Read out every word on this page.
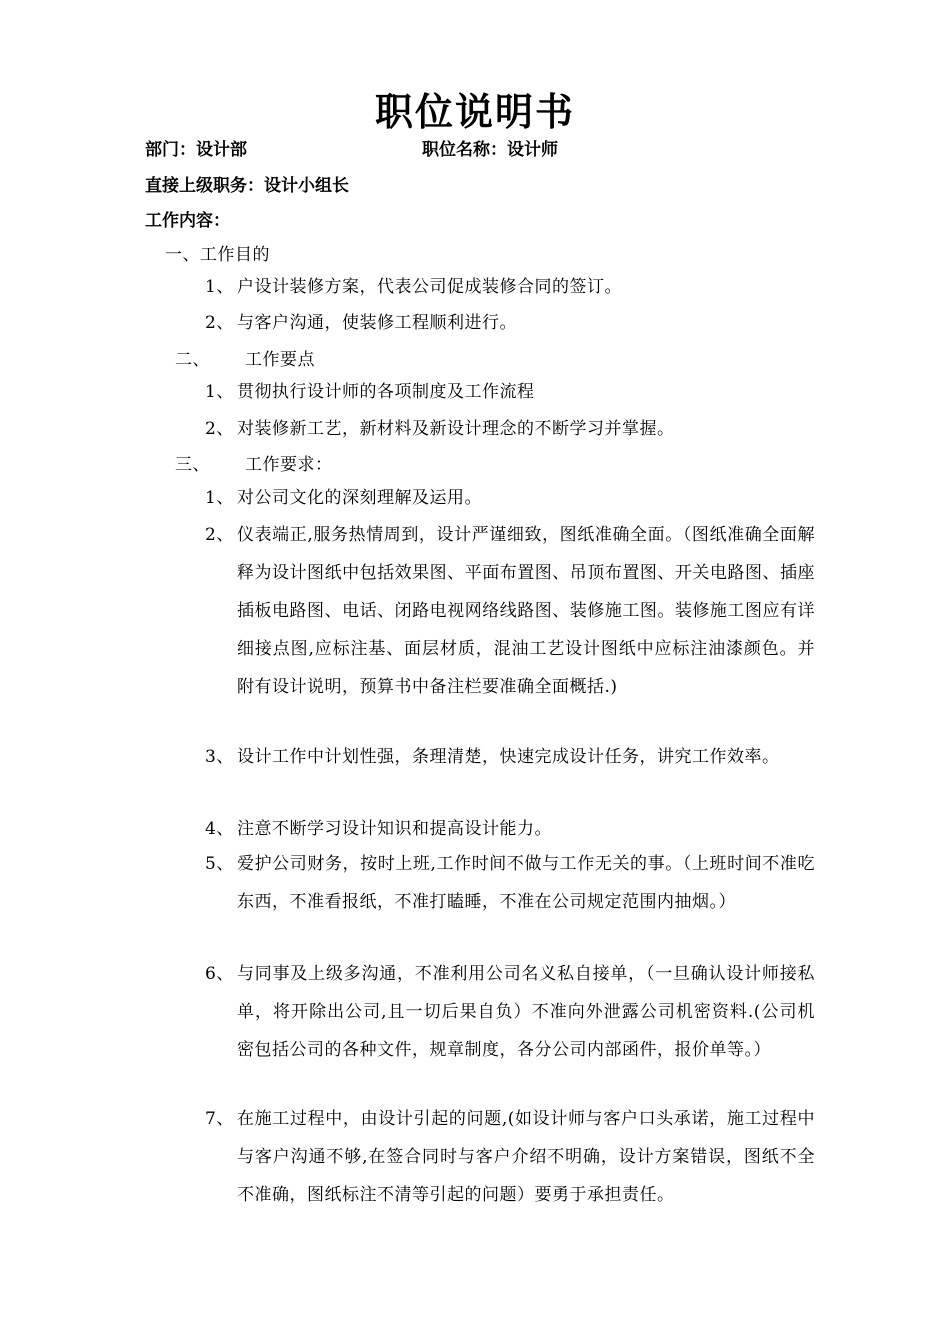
职位说明书
部门：设计部	职位名称：设计师
直接上级职务：设计小组长
工作内容：
一、工作目的
1、 户设计装修方案，代表公司促成装修合同的签订。
2、 与客户沟通，使装修工程顺利进行。
二、 工作要点
1、 贯彻执行设计师的各项制度及工作流程
2、 对装修新工艺，新材料及新设计理念的不断学习并掌握。
三、 工作要求：
1、 对公司文化的深刻理解及运用。
2、 仪表端正,服务热情周到，设计严谨细致，图纸准确全面。（图纸准确全面解释为设计图纸中包括效果图、平面布置图、吊顶布置图、开关电路图、插座插板电路图、电话、闭路电视网络线路图、装修施工图。装修施工图应有详细接点图,应标注基、面层材质，混油工艺设计图纸中应标注油漆颜色。并附有设计说明，预算书中备注栏要准确全面概括.)
3、 设计工作中计划性强，条理清楚，快速完成设计任务，讲究工作效率。
4、 注意不断学习设计知识和提高设计能力。
5、 爱护公司财务，按时上班,工作时间不做与工作无关的事。（上班时间不准吃东西，不准看报纸，不准打瞌睡，不准在公司规定范围内抽烟。）
6、 与同事及上级多沟通，不准利用公司名义私自接单，（一旦确认设计师接私单，将开除出公司,且一切后果自负）不准向外泄露公司机密资料.(公司机密包括公司的各种文件，规章制度，各分公司内部函件，报价单等。）
7、 在施工过程中，由设计引起的问题,(如设计师与客户口头承诺，施工过程中与客户沟通不够,在签合同时与客户介绍不明确，设计方案错误，图纸不全不准确，图纸标注不清等引起的问题）要勇于承担责任。
